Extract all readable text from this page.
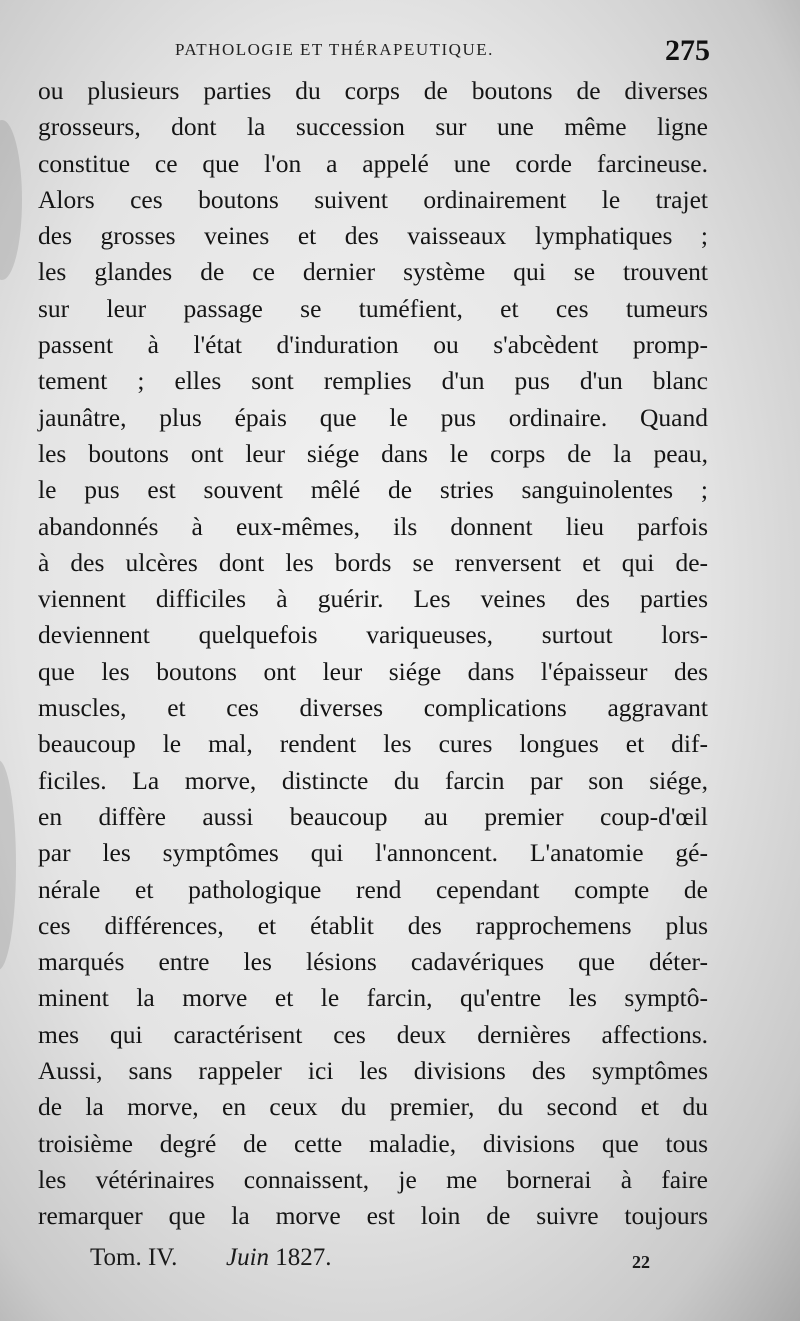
PATHOLOGIE ET THÉRAPEUTIQUE.	275
ou plusieurs parties du corps de boutons de diverses
grosseurs, dont la succession sur une même ligne
constitue ce que l'on a appelé une corde farcineuse.
Alors ces boutons suivent ordinairement le trajet
des grosses veines et des vaisseaux lymphatiques ;
les glandes de ce dernier système qui se trouvent
sur leur passage se tuméfient, et ces tumeurs
passent à l'état d'induration ou s'abcèdent promp-
tement ; elles sont remplies d'un pus d'un blanc
jaunâtre, plus épais que le pus ordinaire. Quand
les boutons ont leur siége dans le corps de la peau,
le pus est souvent mêlé de stries sanguinolentes ;
abandonnés à eux-mêmes, ils donnent lieu parfois
à des ulcères dont les bords se renversent et qui de-
viennent difficiles à guérir. Les veines des parties
deviennent quelquefois variqueuses, surtout lors-
que les boutons ont leur siége dans l'épaisseur des
muscles, et ces diverses complications aggravant
beaucoup le mal, rendent les cures longues et dif-
ficiles. La morve, distincte du farcin par son siége,
en diffère aussi beaucoup au premier coup-d'œil
par les symptômes qui l'annoncent. L'anatomie gé-
nérale et pathologique rend cependant compte de
ces différences, et établit des rapprochemens plus
marqués entre les lésions cadavériques que déter-
minent la morve et le farcin, qu'entre les symptô-
mes qui caractérisent ces deux dernières affections.
Aussi, sans rappeler ici les divisions des symptômes
de la morve, en ceux du premier, du second et du
troisième degré de cette maladie, divisions que tous
les vétérinaires connaissent, je me bornerai à faire
remarquer que la morve est loin de suivre toujours
Tom. IV. Juin 1827.	22
